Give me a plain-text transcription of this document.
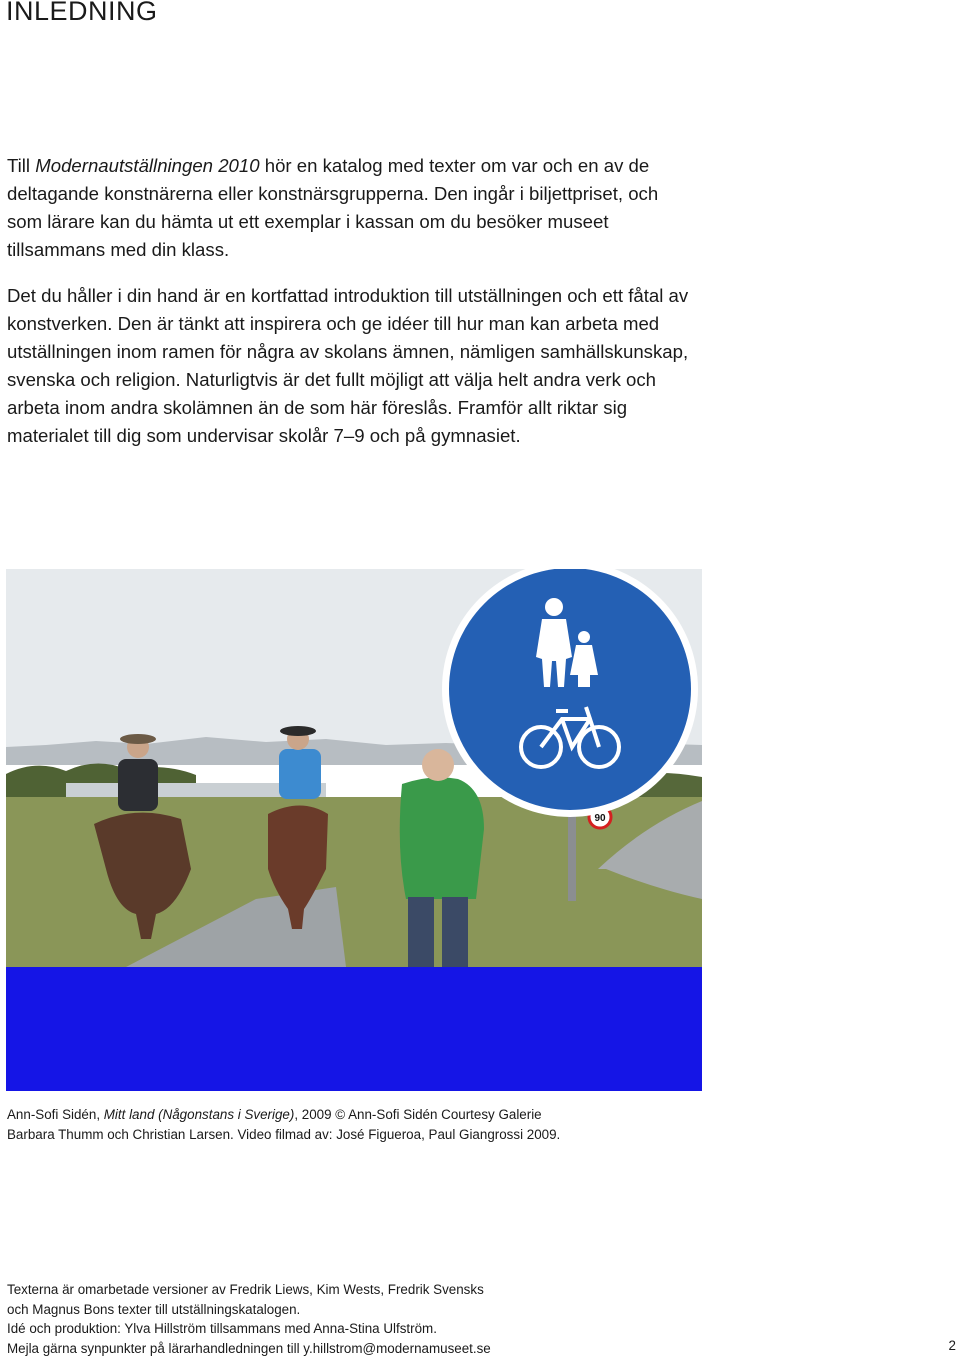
INLEDNING

Till Modernautställningen 2010 hör en katalog med texter om var och en av de deltagande konstnärerna eller konstnärsgrupperna. Den ingår i biljettpriset, och som lärare kan du hämta ut ett exemplar i kassan om du besöker museet tillsammans med din klass.

Det du håller i din hand är en kortfattad introduktion till utställningen och ett fåtal av konstverken. Den är tänkt att inspirera och ge idéer till hur man kan arbeta med utställningen inom ramen för några av skolans ämnen, nämligen samhällskunskap, svenska och religion. Naturligtvis är det fullt möjligt att välja helt andra verk och arbeta inom andra skolämnen än de som här föreslås. Framför allt riktar sig materialet till dig som undervisar skolår 7–9 och på gymnasiet.

90
Ann-Sofi Sidén, Mitt land (Någonstans i Sverige), 2009 © Ann-Sofi Sidén Courtesy Galerie
Barbara Thumm och Christian Larsen. Video filmad av: José Figueroa, Paul Giangrossi 2009.
Texterna är omarbetade versioner av Fredrik Liews, Kim Wests, Fredrik Svensks
och Magnus Bons texter till utställningskatalogen.
Idé och produktion: Ylva Hillström tillsammans med Anna-Stina Ulfström.
Mejla gärna synpunkter på lärarhandledningen till y.hillstrom@modernamuseet.se	2
